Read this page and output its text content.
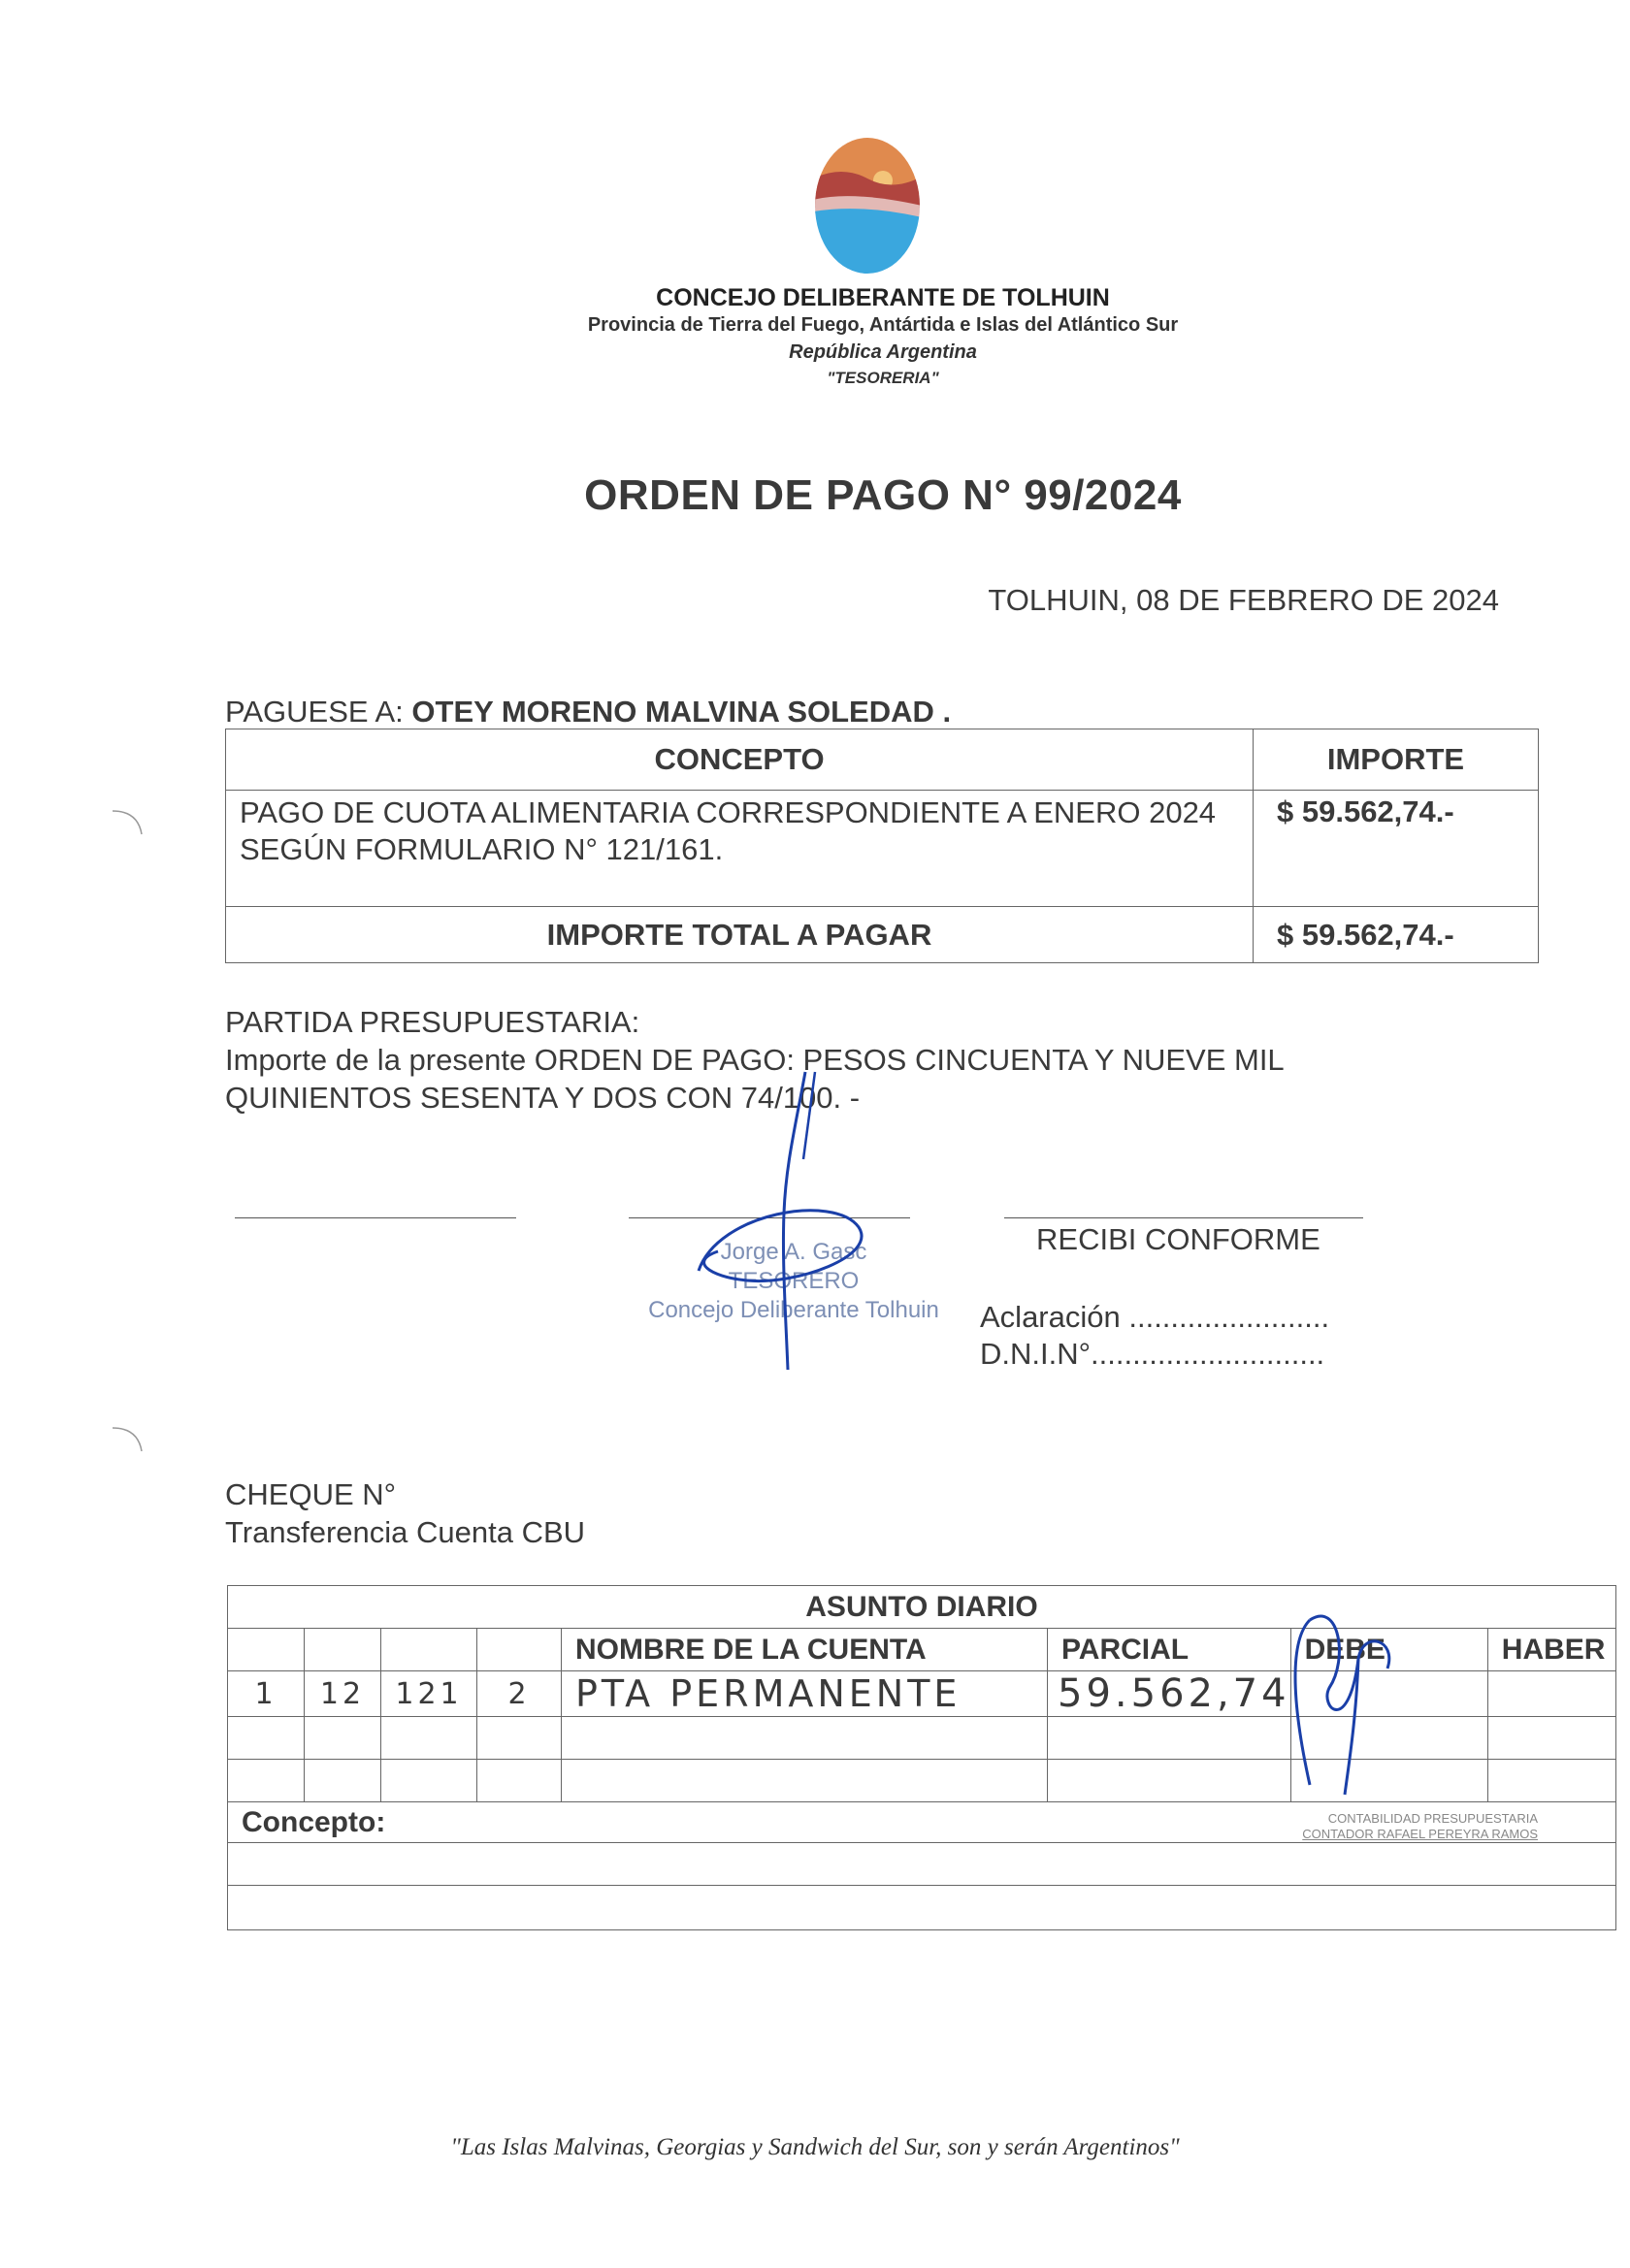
CONCEJO DELIBERANTE DE TOLHUIN
Provincia de Tierra del Fuego, Antártida e Islas del Atlántico Sur
República Argentina
"TESORERIA"
ORDEN DE PAGO N° 99/2024
TOLHUIN, 08 DE FEBRERO DE 2024
PAGUESE A: OTEY MORENO MALVINA SOLEDAD .
CONCEPTO	IMPORTE
PAGO DE CUOTA ALIMENTARIA CORRESPONDIENTE A ENERO 2024 SEGÚN FORMULARIO N° 121/161.	$ 59.562,74.-
IMPORTE TOTAL A PAGAR	$ 59.562,74.-
PARTIDA PRESUPUESTARIA:
Importe de la presente ORDEN DE PAGO: PESOS CINCUENTA Y NUEVE MIL
QUINIENTOS SESENTA Y DOS CON 74/100. -
Jorge A. Gasc
TESORERO
Concejo Deliberante Tolhuin
RECIBI CONFORME
Aclaración ........................
D.N.I.N°............................
CHEQUE N°
Transferencia Cuenta CBU
ASUNTO DIARIO							
				NOMBRE DE LA CUENTA	PARCIAL	DEBE	HABER
1	12	121	2	PTA PERMANENTE	59.562,74		

Concepto:						CONTABILIDAD PRESUPUESTARIA
CONTADOR RAFAEL PEREYRA RAMOS	

"Las Islas Malvinas, Georgias y Sandwich del Sur, son y serán Argentinos"
